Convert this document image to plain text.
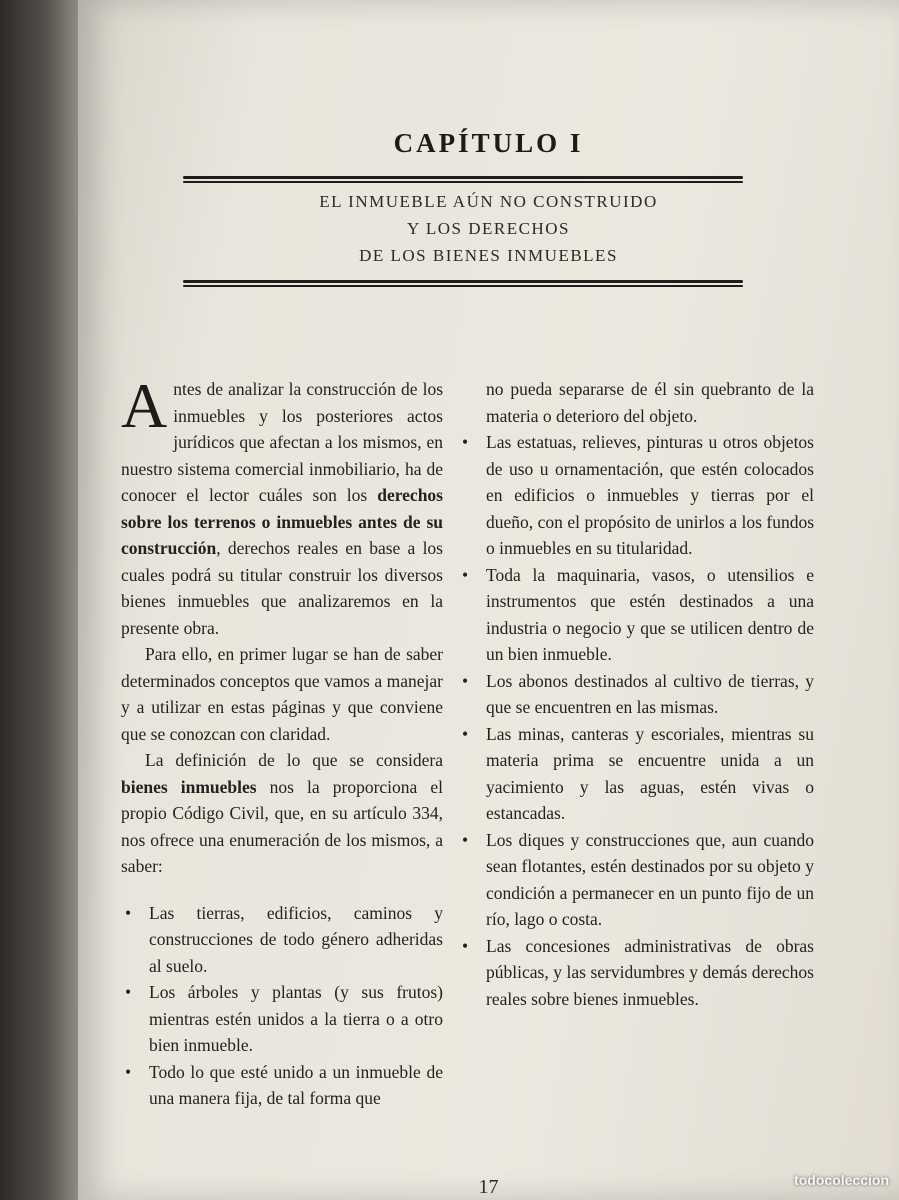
CAPÍTULO I
EL INMUEBLE AÚN NO CONSTRUIDO
Y LOS DERECHOS
DE LOS BIENES INMUEBLES

Antes de analizar la construcción de los inmuebles y los posteriores actos jurídicos que afectan a los mismos, en nuestro sistema comercial inmobiliario, ha de conocer el lector cuáles son los derechos sobre los terrenos o inmuebles antes de su construcción, derechos reales en base a los cuales podrá su titular construir los diversos bienes inmuebles que analizaremos en la presente obra.

Para ello, en primer lugar se han de saber determinados conceptos que vamos a manejar y a utilizar en estas páginas y que conviene que se conozcan con claridad.

La definición de lo que se considera bienes inmuebles nos la proporciona el propio Código Civil, que, en su artículo 334, nos ofrece una enumeración de los mismos, a saber:

• Las tierras, edificios, caminos y construcciones de todo género adheridas al suelo.
• Los árboles y plantas (y sus frutos) mientras estén unidos a la tierra o a otro bien inmueble.
• Todo lo que esté unido a un inmueble de una manera fija, de tal forma que
no pueda separarse de él sin quebranto de la materia o deterioro del objeto.
• Las estatuas, relieves, pinturas u otros objetos de uso u ornamentación, que estén colocados en edificios o inmuebles y tierras por el dueño, con el propósito de unirlos a los fundos o inmuebles en su titularidad.
• Toda la maquinaria, vasos, o utensilios e instrumentos que estén destinados a una industria o negocio y que se utilicen dentro de un bien inmueble.
• Los abonos destinados al cultivo de tierras, y que se encuentren en las mismas.
• Las minas, canteras y escoriales, mientras su materia prima se encuentre unida a un yacimiento y las aguas, estén vivas o estancadas.
• Los diques y construcciones que, aun cuando sean flotantes, estén destinados por su objeto y condición a permanecer en un punto fijo de un río, lago o costa.
• Las concesiones administrativas de obras públicas, y las servidumbres y demás derechos reales sobre bienes inmuebles.
17	todocoleccion
